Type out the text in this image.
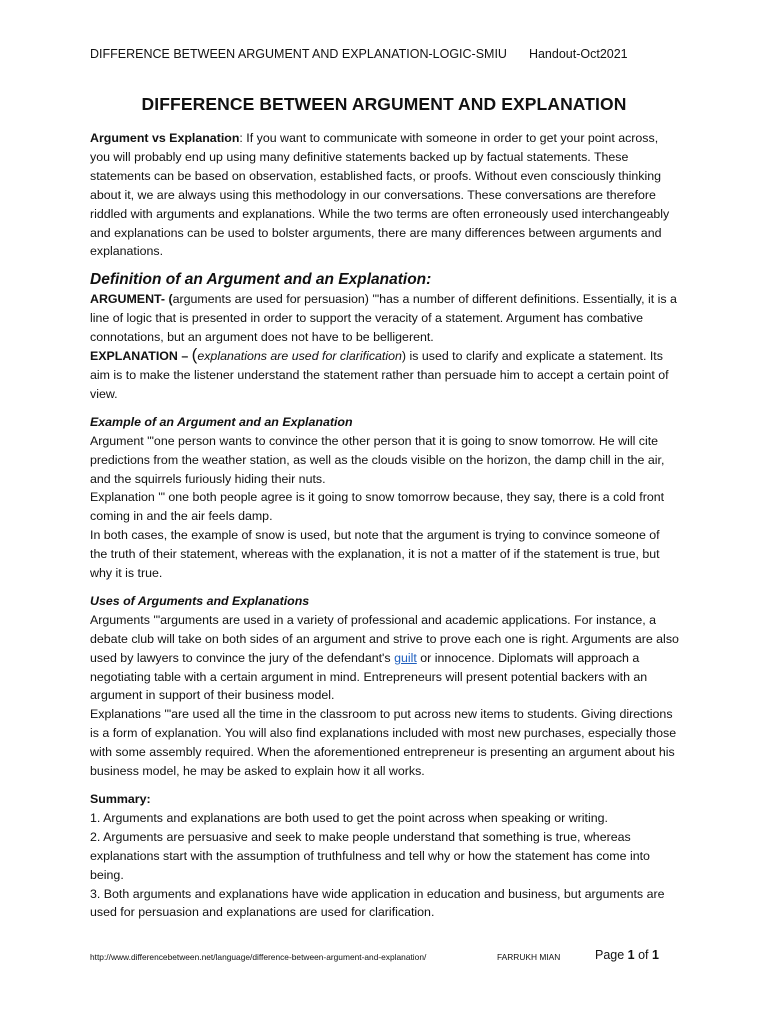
DIFFERENCE BETWEEN ARGUMENT AND EXPLANATION-LOGIC-SMIU Handout-Oct2021
DIFFERENCE BETWEEN ARGUMENT AND EXPLANATION

Argument vs Explanation: If you want to communicate with someone in order to get your point across, you will probably end up using many definitive statements backed up by factual statements. These statements can be based on observation, established facts, or proofs. Without even consciously thinking about it, we are always using this methodology in our conversations. These conversations are therefore riddled with arguments and explanations. While the two terms are often erroneously used interchangeably and explanations can be used to bolster arguments, there are many differences between arguments and explanations.

Definition of an Argument and an Explanation:

ARGUMENT- (arguments are used for persuasion) '"has a number of different definitions. Essentially, it is a line of logic that is presented in order to support the veracity of a statement. Argument has combative connotations, but an argument does not have to be belligerent.

EXPLANATION – (explanations are used for clarification) is used to clarify and explicate a statement. Its aim is to make the listener understand the statement rather than persuade him to accept a certain point of view.

Example of an Argument and an Explanation

Argument '"one person wants to convince the other person that it is going to snow tomorrow. He will cite predictions from the weather station, as well as the clouds visible on the horizon, the damp chill in the air, and the squirrels furiously hiding their nuts.

Explanation '" one both people agree is it going to snow tomorrow because, they say, there is a cold front coming in and the air feels damp.

In both cases, the example of snow is used, but note that the argument is trying to convince someone of the truth of their statement, whereas with the explanation, it is not a matter of if the statement is true, but why it is true.

Uses of Arguments and Explanations

Arguments '"arguments are used in a variety of professional and academic applications. For instance, a debate club will take on both sides of an argument and strive to prove each one is right. Arguments are also used by lawyers to convince the jury of the defendant's guilt or innocence. Diplomats will approach a negotiating table with a certain argument in mind. Entrepreneurs will present potential backers with an argument in support of their business model.

Explanations '"are used all the time in the classroom to put across new items to students. Giving directions is a form of explanation. You will also find explanations included with most new purchases, especially those with some assembly required. When the aforementioned entrepreneur is presenting an argument about his business model, he may be asked to explain how it all works.

Summary:

1. Arguments and explanations are both used to get the point across when speaking or writing.

2. Arguments are persuasive and seek to make people understand that something is true, whereas explanations start with the assumption of truthfulness and tell why or how the statement has come into being.

3. Both arguments and explanations have wide application in education and business, but arguments are used for persuasion and explanations are used for clarification.

http://www.differencebetween.net/language/difference-between-argument-and-explanation/	FARRUKH MIAN	Page 1 of 1
